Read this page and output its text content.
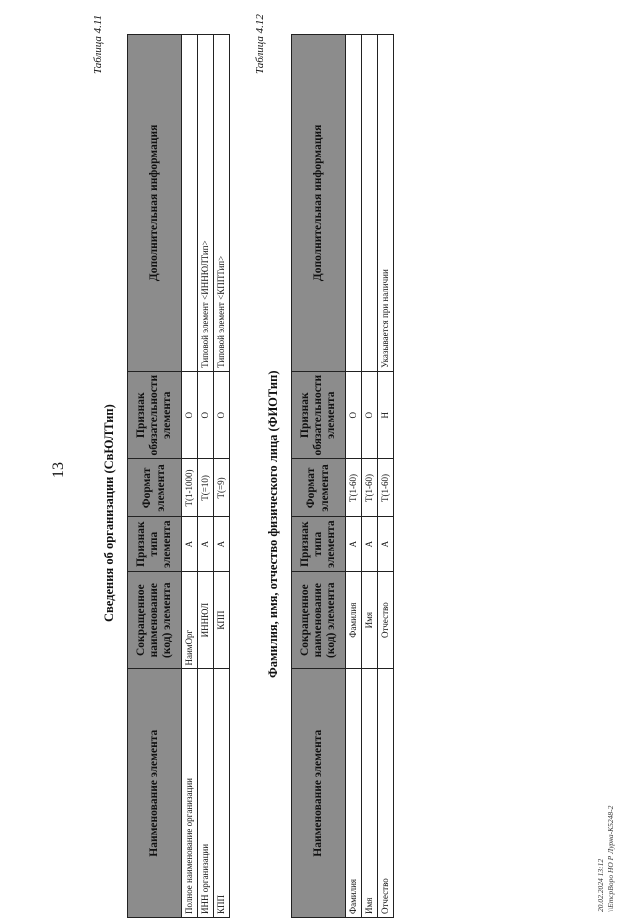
13
Таблица 4.11
Сведения об организации (СвЮЛТип)
Наименование элемента	Сокращенное наименование (код) элемента	Признак типа элемента	Формат элемента	Признак обязательности элемента	Дополнительная информация
Полное наименование организации	НаимОрг	A	T(1-1000)	О	
ИНН организации	ИННЮЛ	A	T(=10)	О	Типовой элемент <ИННЮЛТип>
КПП	КПП	A	T(=9)	О	Типовой элемент <КППТип>
Таблица 4.12
Фамилия, имя, отчество физического лица (ФИОТип)
Наименование элемента	Сокращенное наименование (код) элемента	Признак типа элемента	Формат элемента	Признак обязательности элемента	Дополнительная информация
Фамилия	Фамилия	A	T(1-60)	О	
Имя	Имя	A	T(1-60)	О	
Отчество	Отчество	A	T(1-60)	Н	Указывается при наличии
20.02.2024 13:12 \\ЕтсрВоро НО Р Лурна-К5248-2
